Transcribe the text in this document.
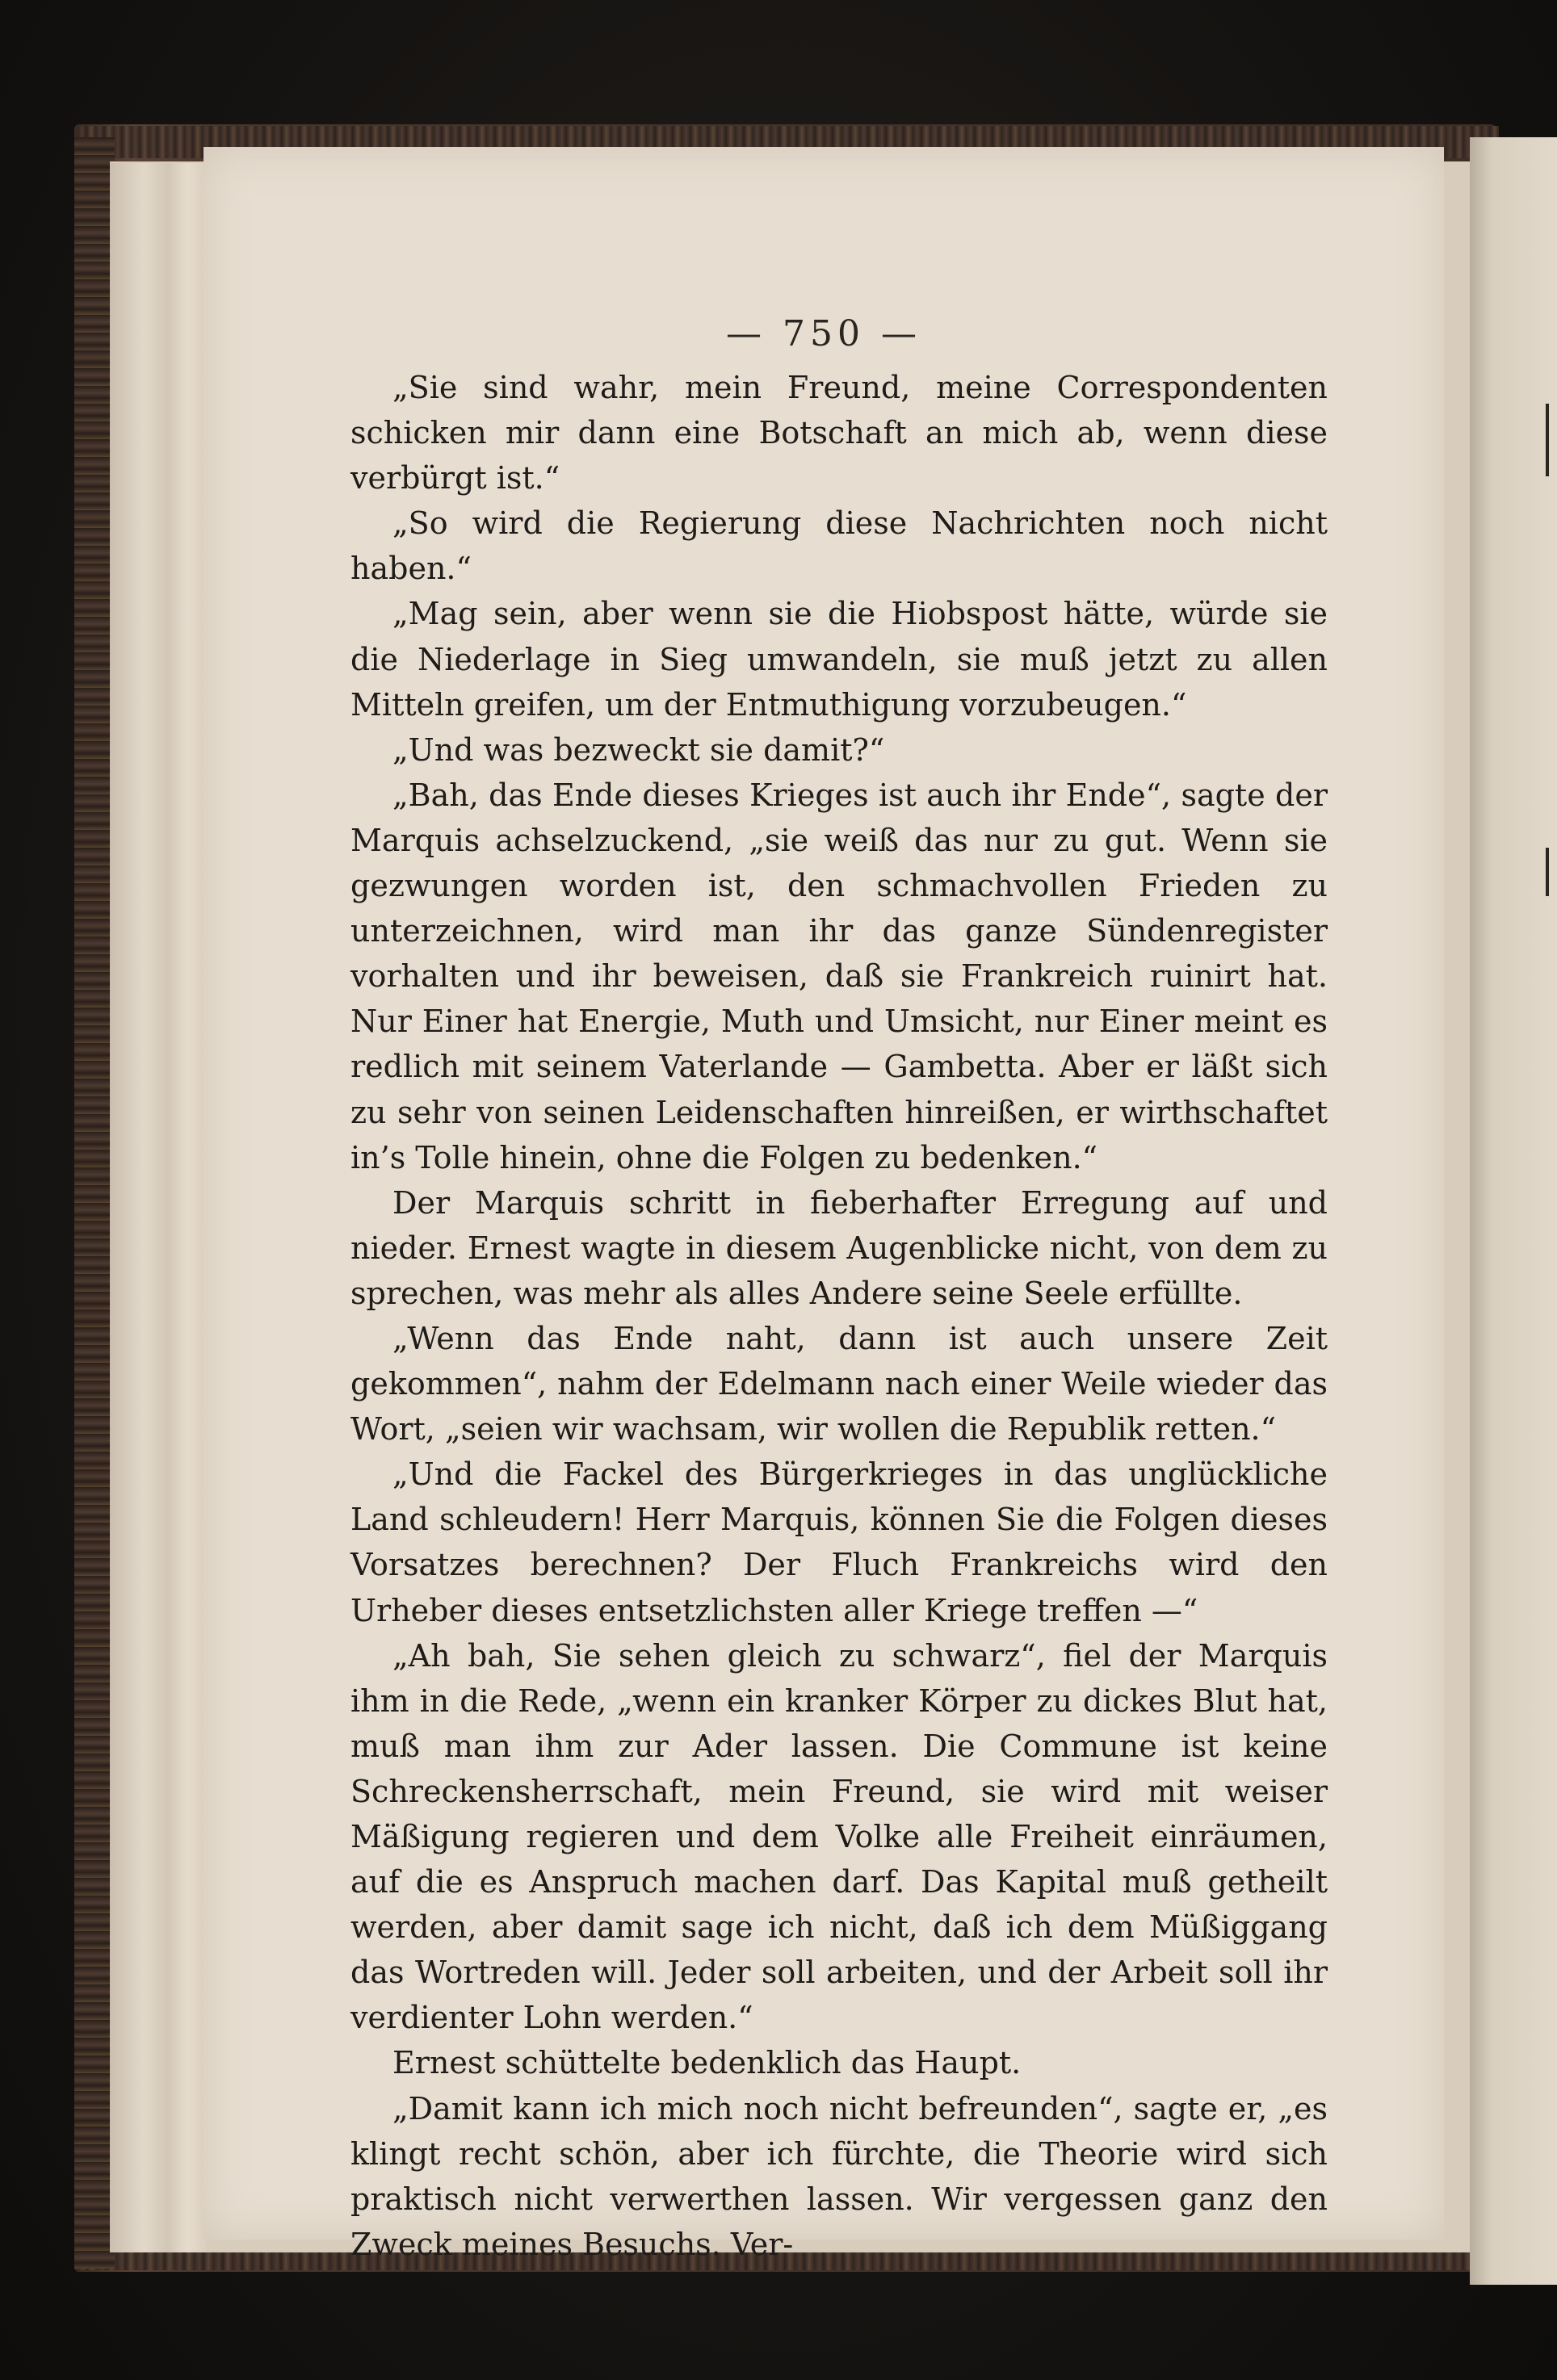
— 750 —

„Sie sind wahr, mein Freund, meine Correspondenten schicken mir dann eine Botschaft an mich ab, wenn diese verbürgt ist.“

„So wird die Regierung diese Nachrichten noch nicht haben.“

„Mag sein, aber wenn sie die Hiobspost hätte, würde sie die Niederlage in Sieg umwandeln, sie muß jetzt zu allen Mitteln greifen, um der Entmuthigung vorzubeugen.“

„Und was bezweckt sie damit?“

„Bah, das Ende dieses Krieges ist auch ihr Ende“, sagte der Marquis achselzuckend, „sie weiß das nur zu gut. Wenn sie gezwungen worden ist, den schmachvollen Frieden zu unterzeichnen, wird man ihr das ganze Sündenregister vorhalten und ihr beweisen, daß sie Frankreich ruinirt hat. Nur Einer hat Energie, Muth und Umsicht, nur Einer meint es redlich mit seinem Vaterlande — Gambetta. Aber er läßt sich zu sehr von seinen Leidenschaften hinreißen, er wirthschaftet in’s Tolle hinein, ohne die Folgen zu bedenken.“

Der Marquis schritt in fieberhafter Erregung auf und nieder. Ernest wagte in diesem Augenblicke nicht, von dem zu sprechen, was mehr als alles Andere seine Seele erfüllte.

„Wenn das Ende naht, dann ist auch unsere Zeit gekommen“, nahm der Edelmann nach einer Weile wieder das Wort, „seien wir wachsam, wir wollen die Republik retten.“

„Und die Fackel des Bürgerkrieges in das unglückliche Land schleudern! Herr Marquis, können Sie die Folgen dieses Vorsatzes berechnen? Der Fluch Frankreichs wird den Urheber dieses entsetzlichsten aller Kriege treffen —“

„Ah bah, Sie sehen gleich zu schwarz“, fiel der Marquis ihm in die Rede, „wenn ein kranker Körper zu dickes Blut hat, muß man ihm zur Ader lassen. Die Commune ist keine Schreckensherrschaft, mein Freund, sie wird mit weiser Mäßigung regieren und dem Volke alle Freiheit einräumen, auf die es Anspruch machen darf. Das Kapital muß getheilt werden, aber damit sage ich nicht, daß ich dem Müßiggang das Wortreden will. Jeder soll arbeiten, und der Arbeit soll ihr verdienter Lohn werden.“

Ernest schüttelte bedenklich das Haupt.

„Damit kann ich mich noch nicht befreunden“, sagte er, „es klingt recht schön, aber ich fürchte, die Theorie wird sich praktisch nicht verwerthen lassen. Wir vergessen ganz den Zweck meines Besuchs. Ver-
